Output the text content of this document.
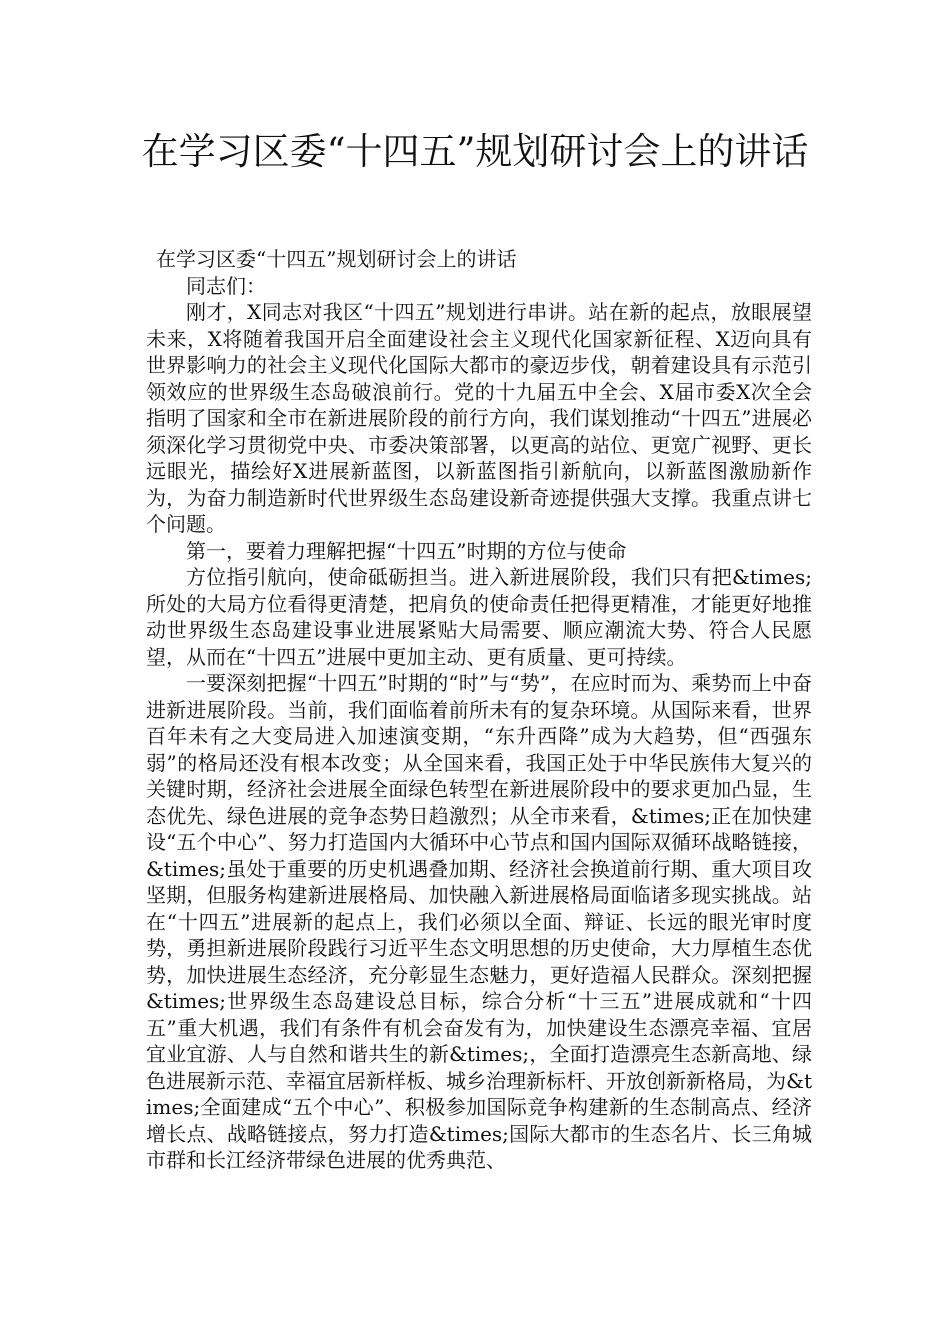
在学习区委“十四五”规划研讨会上的讲话

在学习区委“十四五”规划研讨会上的讲话

同志们：

刚才，X同志对我区“十四五”规划进行串讲。站在新的起点，放眼展望未来，X将随着我国开启全面建设社会主义现代化国家新征程、X迈向具有世界影响力的社会主义现代化国际大都市的豪迈步伐，朝着建设具有示范引领效应的世界级生态岛破浪前行。党的十九届五中全会、X届市委X次全会指明了国家和全市在新进展阶段的前行方向，我们谋划推动“十四五”进展必须深化学习贯彻党中央、市委决策部署，以更高的站位、更宽广视野、更长远眼光，描绘好X进展新蓝图，以新蓝图指引新航向，以新蓝图激励新作为，为奋力制造新时代世界级生态岛建设新奇迹提供强大支撑。我重点讲七个问题。

第一，要着力理解把握“十四五”时期的方位与使命

方位指引航向，使命砥砺担当。进入新进展阶段，我们只有把&times;所处的大局方位看得更清楚，把肩负的使命责任把得更精准，才能更好地推动世界级生态岛建设事业进展紧贴大局需要、顺应潮流大势、符合人民愿望，从而在“十四五”进展中更加主动、更有质量、更可持续。

一要深刻把握“十四五”时期的“时”与“势”，在应时而为、乘势而上中奋进新进展阶段。当前，我们面临着前所未有的复杂环境。从国际来看，世界百年未有之大变局进入加速演变期，“东升西降”成为大趋势，但“西强东弱”的格局还没有根本改变；从全国来看，我国正处于中华民族伟大复兴的关键时期，经济社会进展全面绿色转型在新进展阶段中的要求更加凸显，生态优先、绿色进展的竞争态势日趋激烈；从全市来看，&times;正在加快建设“五个中心”、努力打造国内大循环中心节点和国内国际双循环战略链接，&times;虽处于重要的历史机遇叠加期、经济社会换道前行期、重大项目攻坚期，但服务构建新进展格局、加快融入新进展格局面临诸多现实挑战。站在“十四五”进展新的起点上，我们必须以全面、辩证、长远的眼光审时度势，勇担新进展阶段践行习近平生态文明思想的历史使命，大力厚植生态优势，加快进展生态经济，充分彰显生态魅力，更好造福人民群众。深刻把握&times;世界级生态岛建设总目标，综合分析“十三五”进展成就和“十四五”重大机遇，我们有条件有机会奋发有为，加快建设生态漂亮幸福、宜居宜业宜游、人与自然和谐共生的新&times;，全面打造漂亮生态新高地、绿色进展新示范、幸福宜居新样板、城乡治理新标杆、开放创新新格局，为&times;全面建成“五个中心”、积极参加国际竞争构建新的生态制高点、经济增长点、战略链接点，努力打造&times;国际大都市的生态名片、长三角城市群和长江经济带绿色进展的优秀典范、
